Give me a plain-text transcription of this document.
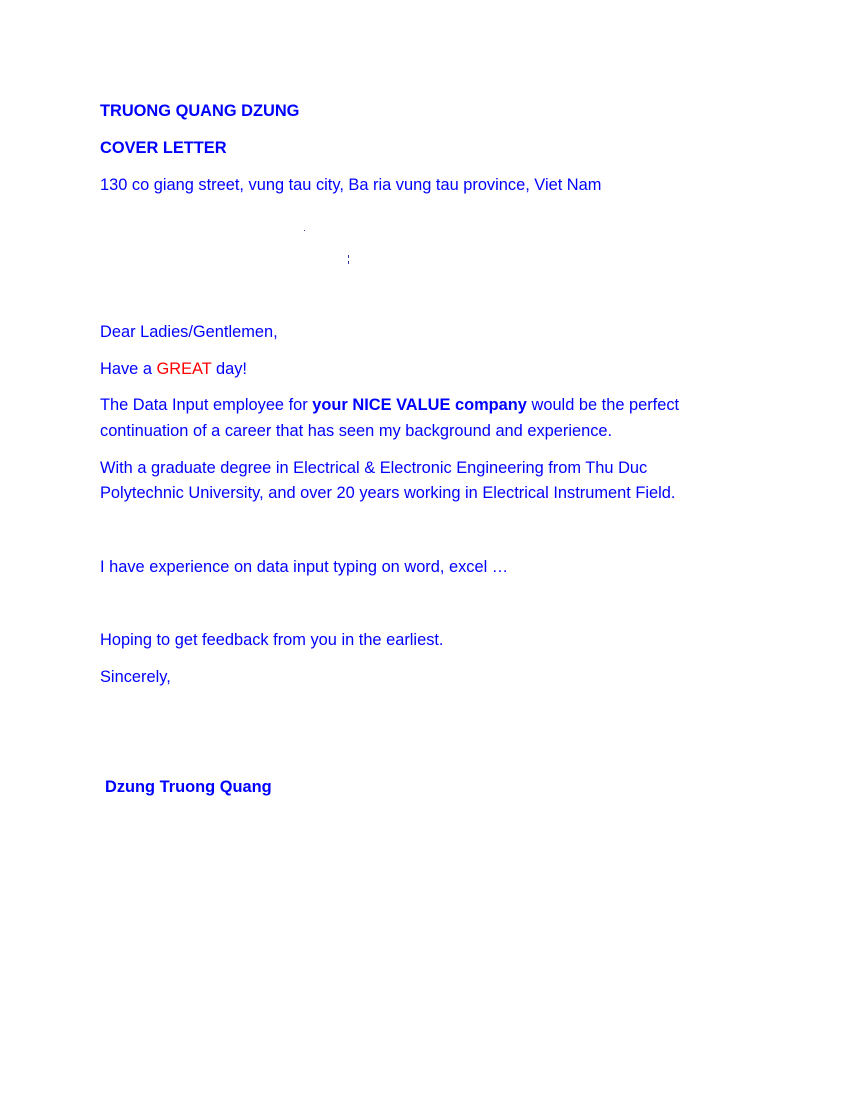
TRUONG QUANG DZUNG
COVER LETTER
130 co giang street, vung tau city, Ba ria vung tau province, Viet Nam
Dear Ladies/Gentlemen,
Have a GREAT day!
The Data Input employee for your NICE VALUE company would be the perfect
continuation of a career that has seen my background and experience.
With a graduate degree in Electrical & Electronic Engineering from Thu Duc
Polytechnic University, and over 20 years working in Electrical Instrument Field.
I have experience on data input typing on word, excel …
Hoping to get feedback from you in the earliest.
Sincerely,
Dzung Truong Quang
